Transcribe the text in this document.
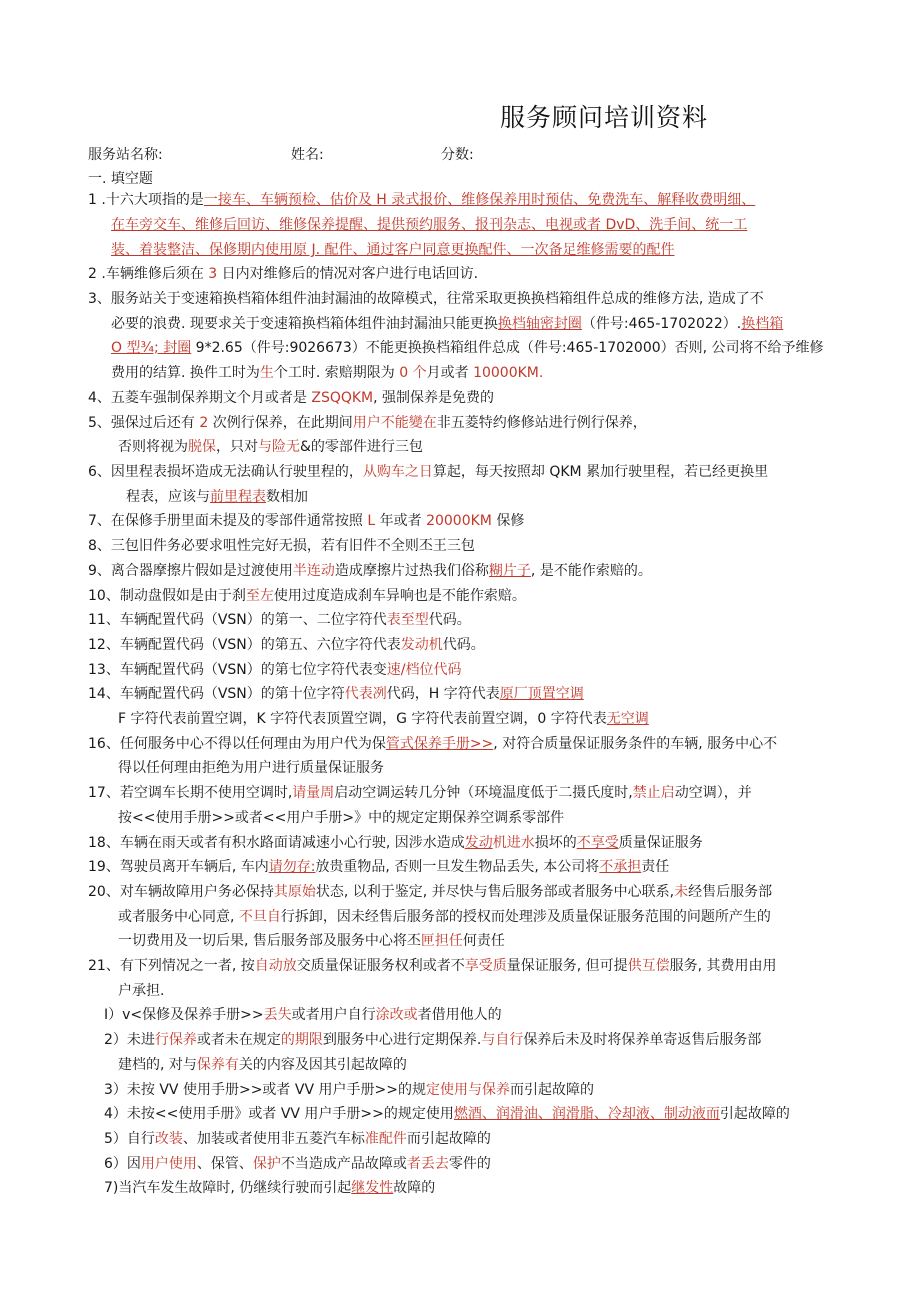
服务顾问培训资料
服务站名称:	姓名:	分数:
一. 填空题
1 .十六大项指的是一接车、车辆预检、估价及 H 录式报价、维修保养用时预估、免费洗车、解释收费明细、
在车旁交车、维修后回访、维修保养提醒、提供预约服务、报刊杂志、电视或者 DvD、洗手间、统一工
装、着装整洁、保修期内使用原 J. 配件、通过客户同意更换配件、一次备足维修需要的配件
2 .车辆维修后须在 3 日内对维修后的情况对客户进行电话回访.
3、服务站关于变速箱换档箱体组件油封漏油的故障模式，往常采取更换换档箱组件总成的维修方法, 造成了不
必要的浪费. 现要求关于变速箱换档箱体组件油封漏油只能更换换档轴密封圈（件号:465-1702022）.换档箱
O 型¾; 封圈 9*2.65（件号:9026673）不能更换换档箱组件总成（件号:465-1702000）否则, 公司将不给予维修
费用的结算. 换件工时为生个工时. 索赔期限为 0 个月或者 10000KM.
4、五菱车强制保养期文个月或者是 ZSQQKM, 强制保养是免费的
5、强保过后还有 2 次例行保养，在此期间用户不能變在非五菱特约修修站进行例行保养，
否则将视为脱保，只对与险无&的零部件进行三包
6、因里程表损坏造成无法确认行驶里程的，从购车之日算起，每天按照却 QKM 累加行驶里程，若已经更换里
程表，应该与前里程表数相加
7、在保修手册里面未提及的零部件通常按照 L 年或者 20000KM 保修
8、三包旧件务必要求咀性完好无损，若有旧件不全则丕王三包
9、离合器摩擦片假如是过渡使用半连动造成摩擦片过热我们俗称糊片子, 是不能作索赔的。
10、制动盘假如是由于刹至左使用过度造成刹车异响也是不能作索赔。
11、车辆配置代码（VSN）的第一、二位字符代表至型代码。
12、车辆配置代码（VSN）的第五、六位字符代表发动机代码。
13、车辆配置代码（VSN）的第七位字符代表变速/档位代码
14、车辆配置代码（VSN）的第十位字符代表冽代码，H 字符代表原厂顶置空调
F 字符代表前置空调，K 字符代表顶置空调，G 字符代表前置空调，0 字符代表无空调
16、任何服务中心不得以任何理由为用户代为保管式保养手册>>, 对符合质量保证服务条件的车辆, 服务中心不
得以任何理由拒绝为用户进行质量保证服务
17、若空调车长期不使用空调时,请量周启动空调运转几分钟（环境温度低于二摄氏度时,禁止启动空调），并
按<<使用手册>>或者<<用户手册>》中的规定定期保养空调系零部件
18、车辆在雨天或者有积水路面请减速小心行驶, 因涉水造成发动机进水损坏的不享受质量保证服务
19、驾驶员离开车辆后, 车内请勿存:放贵重物品, 否则一旦发生物品丢失, 本公司将不承担责任
20、对车辆故障用户务必保持其原始状态, 以利于鉴定, 并尽快与售后服务部或者服务中心联系,未经售后服务部
或者服务中心同意, 不旦自行拆卸，因未经售后服务部的授权而处理涉及质量保证服务范围的问题所产生的
一切费用及一切后果, 售后服务部及服务中心将丕匣担任何责任
21、有下列情况之一者, 按自动放交质量保证服务权利或者不享受质量保证服务, 但可提供互偿服务, 其费用由用
户承担.
I）v<保修及保养手册>>丢失或者用户自行涂改或者借用他人的
2）未进行保养或者未在规定的期限到服务中心进行定期保养.与自行保养后未及时将保养单寄返售后服务部
建档的, 对与保养有关的内容及因其引起故障的
3）未按 VV 使用手册>>或者 VV 用户手册>>的规定使用与保养而引起故障的
4）未按<<使用手册》或者 VV 用户手册>>的规定使用燃酒、润滑油、润滑脂、冷却液、制动液而引起故障的
5）自行改装、加装或者使用非五菱汽车标准配件而引起故障的
6）因用户使用、保管、保护不当造成产品故障或者丢去零件的
7)当汽车发生故障时, 仍继续行驶而引起继发性故障的
